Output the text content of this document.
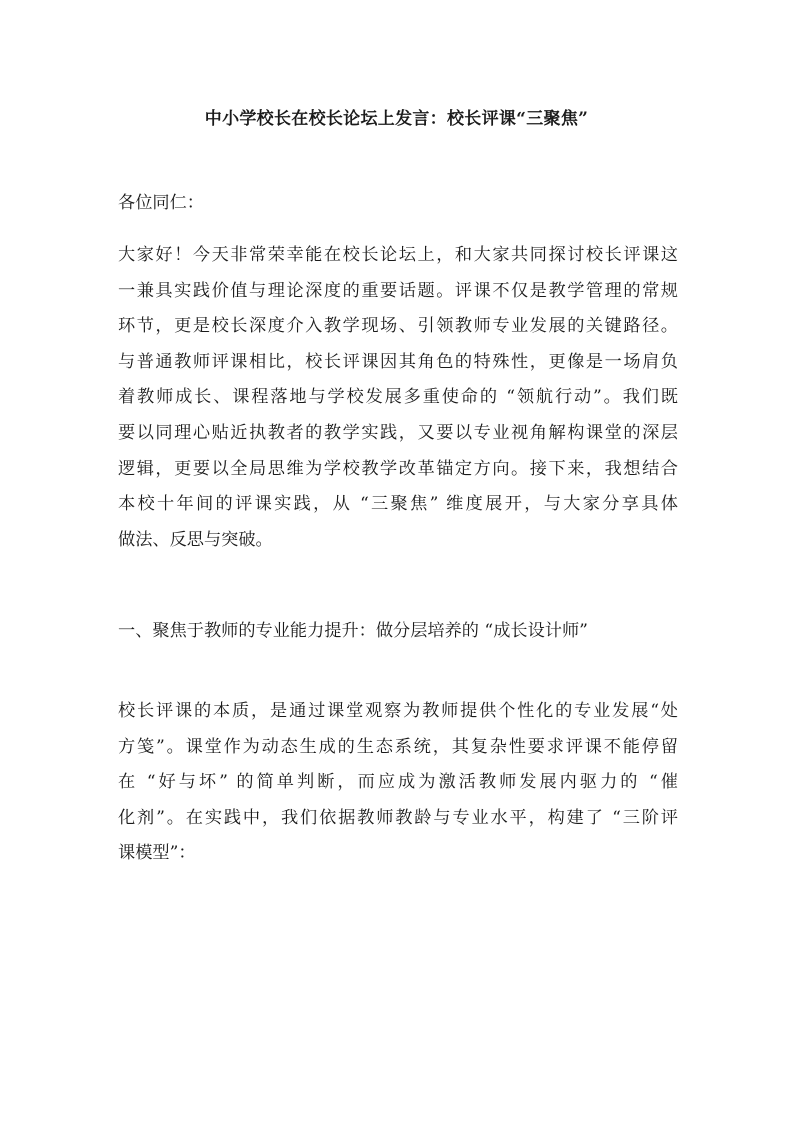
中小学校长在校长论坛上发言：校长评课“三聚焦”
各位同仁：
大家好！今天非常荣幸能在校长论坛上，和大家共同探讨校长评课这
一兼具实践价值与理论深度的重要话题。评课不仅是教学管理的常规
环节，更是校长深度介入教学现场、引领教师专业发展的关键路径。
与普通教师评课相比，校长评课因其角色的特殊性，更像是一场肩负
着教师成长、课程落地与学校发展多重使命的 “领航行动”。我们既
要以同理心贴近执教者的教学实践，又要以专业视角解构课堂的深层
逻辑，更要以全局思维为学校教学改革锚定方向。接下来，我想结合
本校十年间的评课实践，从 “三聚焦” 维度展开，与大家分享具体
做法、反思与突破。
一、聚焦于教师的专业能力提升：做分层培养的 “成长设计师”
校长评课的本质，是通过课堂观察为教师提供个性化的专业发展“处
方笺”。课堂作为动态生成的生态系统，其复杂性要求评课不能停留
在 “好与坏” 的简单判断，而应成为激活教师发展内驱力的 “催
化剂”。在实践中，我们依据教师教龄与专业水平，构建了 “三阶评
课模型”：
